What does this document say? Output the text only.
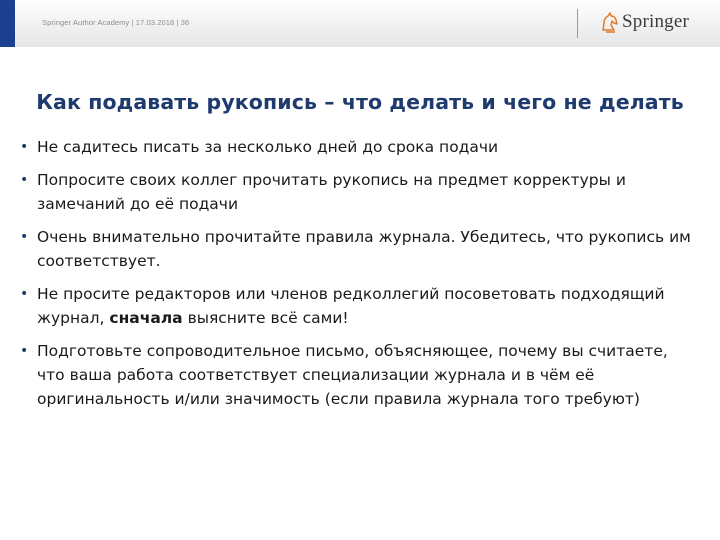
Springer Author Academy | 17.03.2018 | 36	Springer
Как подавать рукопись – что делать и чего не делать
• Не садитесь писать за несколько дней до срока подачи
• Попросите своих коллег прочитать рукопись на предмет корректуры и замечаний до её подачи
• Очень внимательно прочитайте правила журнала. Убедитесь, что рукопись им соответствует.
• Не просите редакторов или членов редколлегий посоветовать подходящий журнал, сначала выясните всё сами!
• Подготовьте сопроводительное письмо, объясняющее, почему вы считаете, что ваша работа соответствует специализации журнала и в чём её оригинальность и/или значимость (если правила журнала того требуют)
